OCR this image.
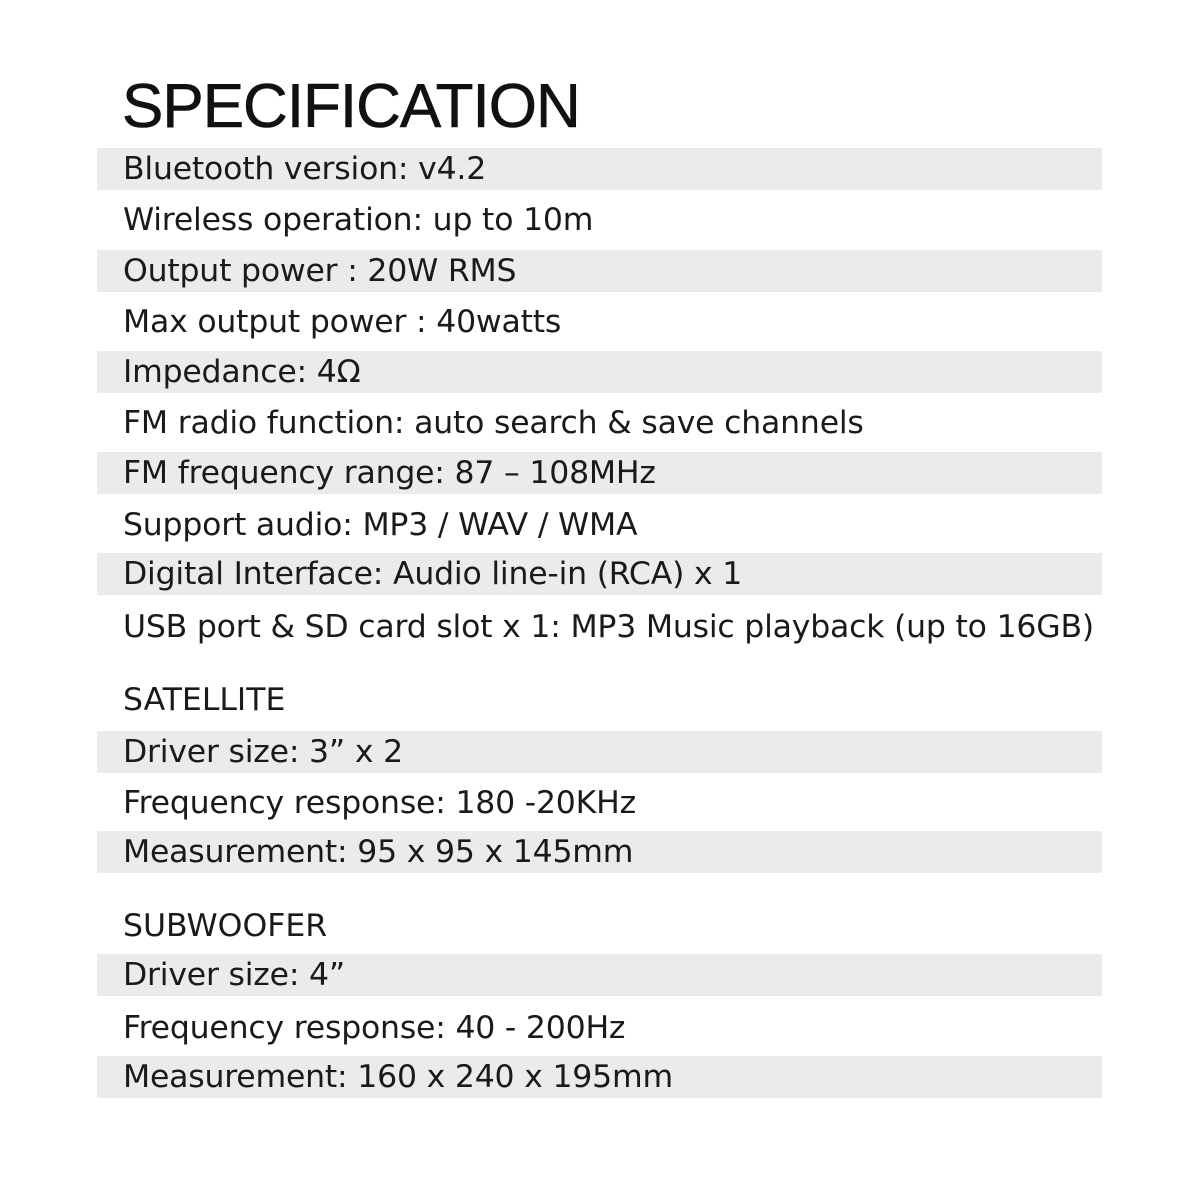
SPECIFICATION
Bluetooth version: v4.2
Wireless operation: up to 10m
Output power : 20W RMS
Max output power : 40watts
Impedance: 4Ω
FM radio function: auto search & save channels
FM frequency range: 87 – 108MHz
Support audio: MP3 / WAV / WMA
Digital Interface: Audio line-in (RCA) x 1
USB port & SD card slot x 1: MP3 Music playback (up to 16GB)
SATELLITE
Driver size: 3” x 2
Frequency response: 180 -20KHz
Measurement: 95 x 95 x 145mm
SUBWOOFER
Driver size: 4”
Frequency response: 40 - 200Hz
Measurement: 160 x 240 x 195mm
